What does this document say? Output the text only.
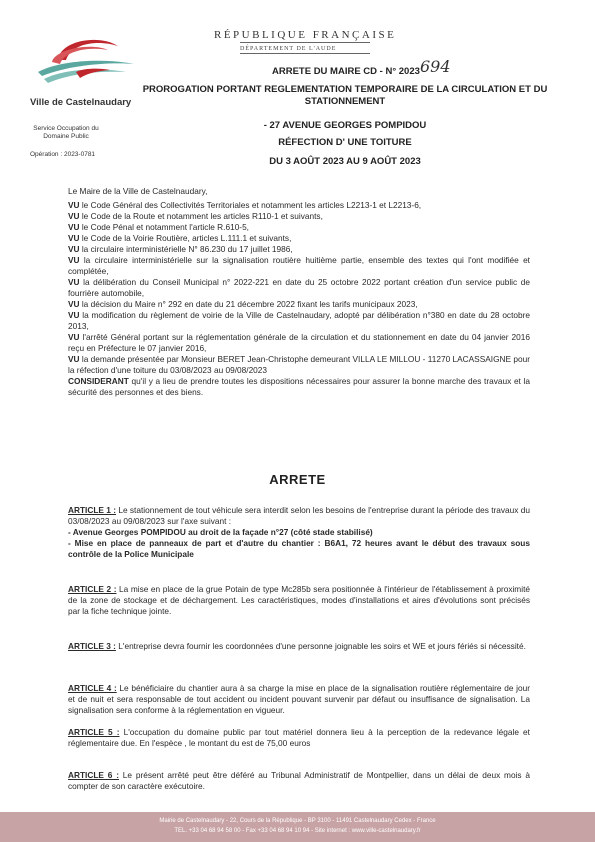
Ville de Castelnaudary
Service Occupation du Domaine Public
Opération : 2023-0781
RÉPUBLIQUE FRANÇAISE
DÉPARTEMENT DE L'AUDE
ARRETE DU MAIRE CD - N° 2023 -
694
PROROGATION PORTANT REGLEMENTATION TEMPORAIRE DE LA CIRCULATION ET DU STATIONNEMENT
- 27 AVENUE GEORGES POMPIDOU
RÉFECTION D' UNE TOITURE
DU 3 AOÛT 2023 AU 9 AOÛT 2023
Le Maire de la Ville de Castelnaudary,
VU le Code Général des Collectivités Territoriales et notamment les articles L2213-1 et L2213-6,
VU le Code de la Route et notamment les articles R110-1 et suivants,
VU le Code Pénal et notamment l'article R.610-5,
VU le Code de la Voirie Routière, articles L.111.1 et suivants,
VU la circulaire interministérielle N° 86.230 du 17 juillet 1986,
VU la circulaire interministérielle sur la signalisation routière huitième partie, ensemble des textes qui l'ont modifiée et complétée,
VU la délibération du Conseil Municipal n° 2022-221 en date du 25 octobre 2022 portant création d'un service public de fourrière automobile,
VU la décision du Maire n° 292 en date du 21 décembre 2022 fixant les tarifs municipaux 2023,
VU la modification du règlement de voirie de la Ville de Castelnaudary, adopté par délibération n°380 en date du 28 octobre 2013,
VU l'arrêté Général portant sur la réglementation générale de la circulation et du stationnement en date du 04 janvier 2016 reçu en Préfecture le 07 janvier 2016,
VU la demande présentée par Monsieur BERET Jean-Christophe demeurant VILLA LE MILLOU - 11270 LACASSAIGNE pour la réfection d'une toiture du 03/08/2023 au 09/08/2023
CONSIDERANT qu'il y a lieu de prendre toutes les dispositions nécessaires pour assurer la bonne marche des travaux et la sécurité des personnes et des biens.
ARRETE
ARTICLE 1 : Le stationnement de tout véhicule sera interdit selon les besoins de l'entreprise durant la période des travaux du 03/08/2023 au 09/08/2023 sur l'axe suivant :
- Avenue Georges POMPIDOU au droit de la façade n°27 (côté stade stabilisé)
- Mise en place de panneaux de part et d'autre du chantier : B6A1, 72 heures avant le début des travaux sous contrôle de la Police Municipale
ARTICLE 2 : La mise en place de la grue Potain de type Mc285b sera positionnée à l'intérieur de l'établissement à proximité de la zone de stockage et de déchargement. Les caractéristiques, modes d'installations et aires d'évolutions sont précisés par la fiche technique jointe.
ARTICLE 3 : L'entreprise devra fournir les coordonnées d'une personne joignable les soirs et WE et jours fériés si nécessité.
ARTICLE 4 : Le bénéficiaire du chantier aura à sa charge la mise en place de la signalisation routière réglementaire de jour et de nuit et sera responsable de tout accident ou incident pouvant survenir par défaut ou insuffisance de signalisation. La signalisation sera conforme à la réglementation en vigueur.
ARTICLE 5 : L'occupation du domaine public par tout matériel donnera lieu à la perception de la redevance légale et réglementaire due. En l'espèce , le montant du est de 75,00 euros
ARTICLE 6 : Le présent arrêté peut être déféré au Tribunal Administratif de Montpellier, dans un délai de deux mois à compter de son caractère exécutoire.
Mairie de Castelnaudary - 22, Cours de la République - BP 3100 - 11491 Castelnaudary Cedex - France
TEL. +33 04 68 94 58 00 - Fax +33 04 68 94 10 94 - Site internet : www.ville-castelnaudary.fr
